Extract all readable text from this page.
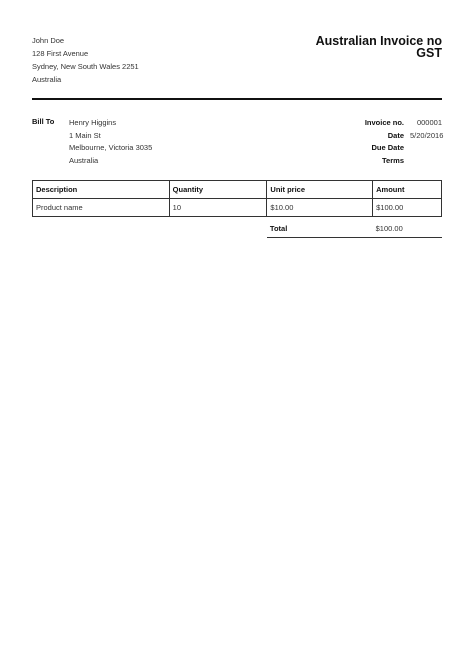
John Doe
128 First Avenue
Sydney, New South Wales 2251
Australia
Australian Invoice no
GST
Bill To Henry Higgins
1 Main St
Melbourne, Victoria 3035
Australia
Invoice no.	000001
Date 5/20/2016
Due Date
Terms
Description	Quantity	Unit price	Amount
Product name	10	$10.00	$100.00
		Total	$100.00
